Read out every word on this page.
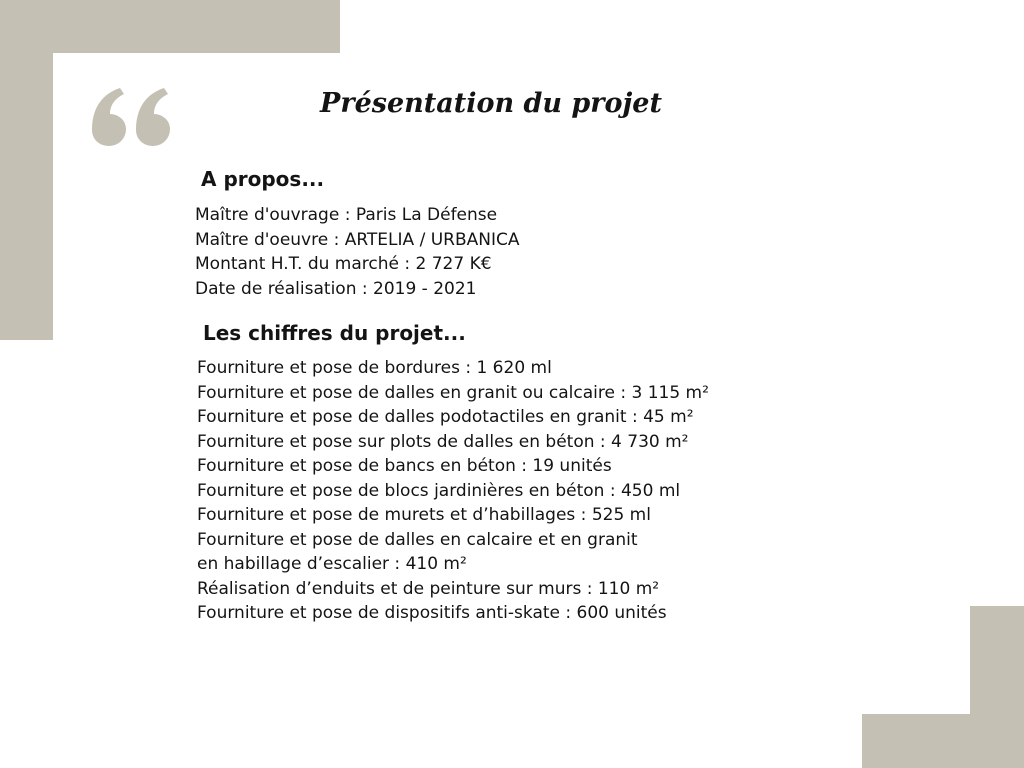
Présentation du projet
A propos...
Maître d'ouvrage : Paris La Défense
Maître d'oeuvre : ARTELIA / URBANICA
Montant H.T. du marché : 2 727 K€
Date de réalisation : 2019 - 2021
Les chiffres du projet...
Fourniture et pose de bordures : 1 620 ml
Fourniture et pose de dalles en granit ou calcaire : 3 115 m²
Fourniture et pose de dalles podotactiles en granit : 45 m²
Fourniture et pose sur plots de dalles en béton : 4 730 m²
Fourniture et pose de bancs en béton : 19 unités
Fourniture et pose de blocs jardinières en béton : 450 ml
Fourniture et pose de murets et d’habillages : 525 ml
Fourniture et pose de dalles en calcaire et en granit
en habillage d’escalier : 410 m²
Réalisation d’enduits et de peinture sur murs : 110 m²
Fourniture et pose de dispositifs anti-skate : 600 unités
